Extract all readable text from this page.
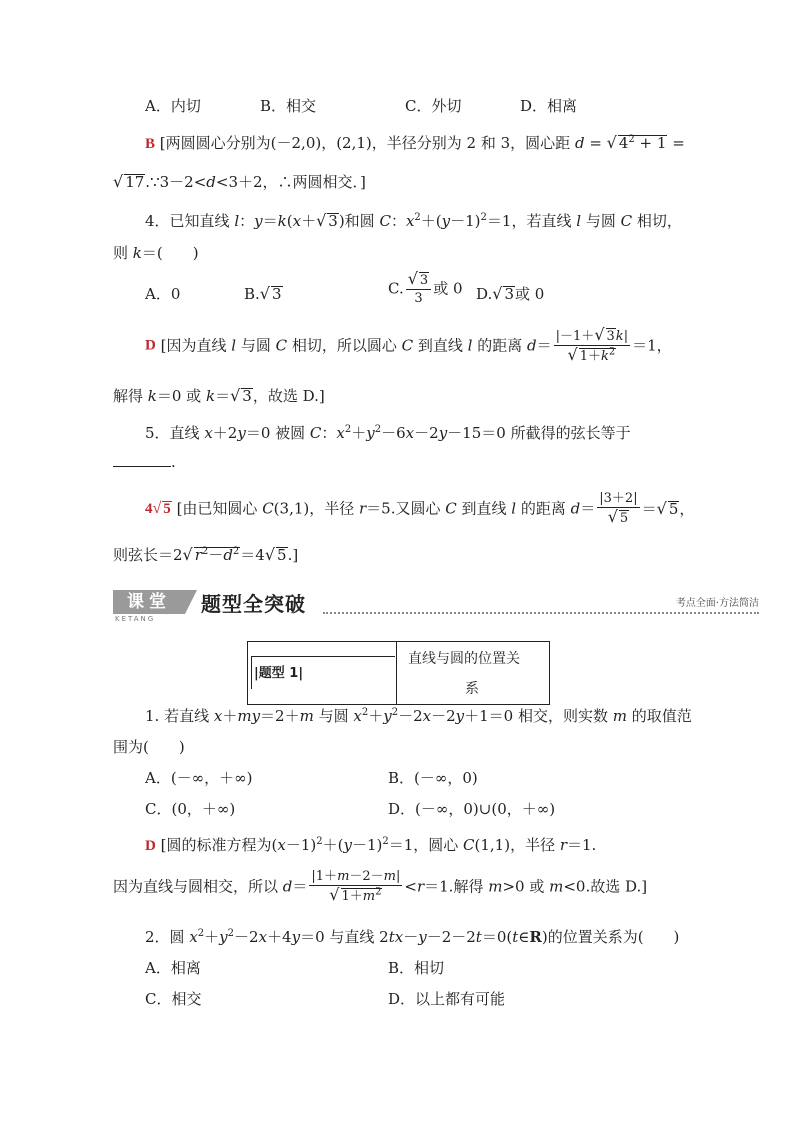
A．内切	B．相交	C．外切	D．相离
B [两圆圆心分别为(－2,0)，(2,1)，半径分别为 2 和 3，圆心距 d = √ $4^2 + 1$ =
√ 17.∵3－2<d<3＋2，∴两圆相交．]
4．已知直线 l：y＝k(x＋√ 3)和圆 C：$x^2+(y-1)^2=1$，若直线 l 与圆 C 相切，
则 k＝(　　)
A．0	B.√ 3	C. $\frac{√ 3}{3}$ 或 0 D.√ 3或 0
D [因为直线 l 与圆 C 相切，所以圆心 C 到直线 l 的距离 $d= \frac{|-1+√ 3k|}{√ 1+k^2} =1$，
解得 k＝0 或 k＝√ 3，故选 D.]
5．直线 x＋2y＝0 被圆 C：$x^2+y^2-6x-2y-15=0$ 所截得的弦长等于
.
4√ 5 [由已知圆心 C(3,1)，半径 r＝5.又圆心 C 到直线 l 的距离 $d= \frac{|3+2|}{√ 5}$ ＝√ 5，
则弦长＝2√ $r^2-d^2=4√$ 5.]
课堂
KETANG
题型全突破	考点全面·方法简洁
|题型 1|
直线与圆的位置关
系
1. 若直线 x＋my＝2＋m 与圆 $x^2+y^2-2x-2y+1=0$ 相交，则实数 m 的取值范
围为(　　)
A．(－∞，＋∞)	B．(－∞，0)
C．(0，＋∞)	D．(－∞，0)∪(0，＋∞)
D [圆的标准方程为$(x-1)^2+(y-1)^2=1$，圆心 C(1,1)，半径 r＝1.
因为直线与圆相交，所以 $d= \frac{|1+m-2-m|}{√ 1+m^2} <r=1$.解得 m>0 或 m<0.故选 D.]
2．圆 $x^2+y^2-2x+4y=0$ 与直线 2tx－y－2－2t＝0(t∈R)的位置关系为(　　)
A．相离	B．相切
C．相交	D．以上都有可能
